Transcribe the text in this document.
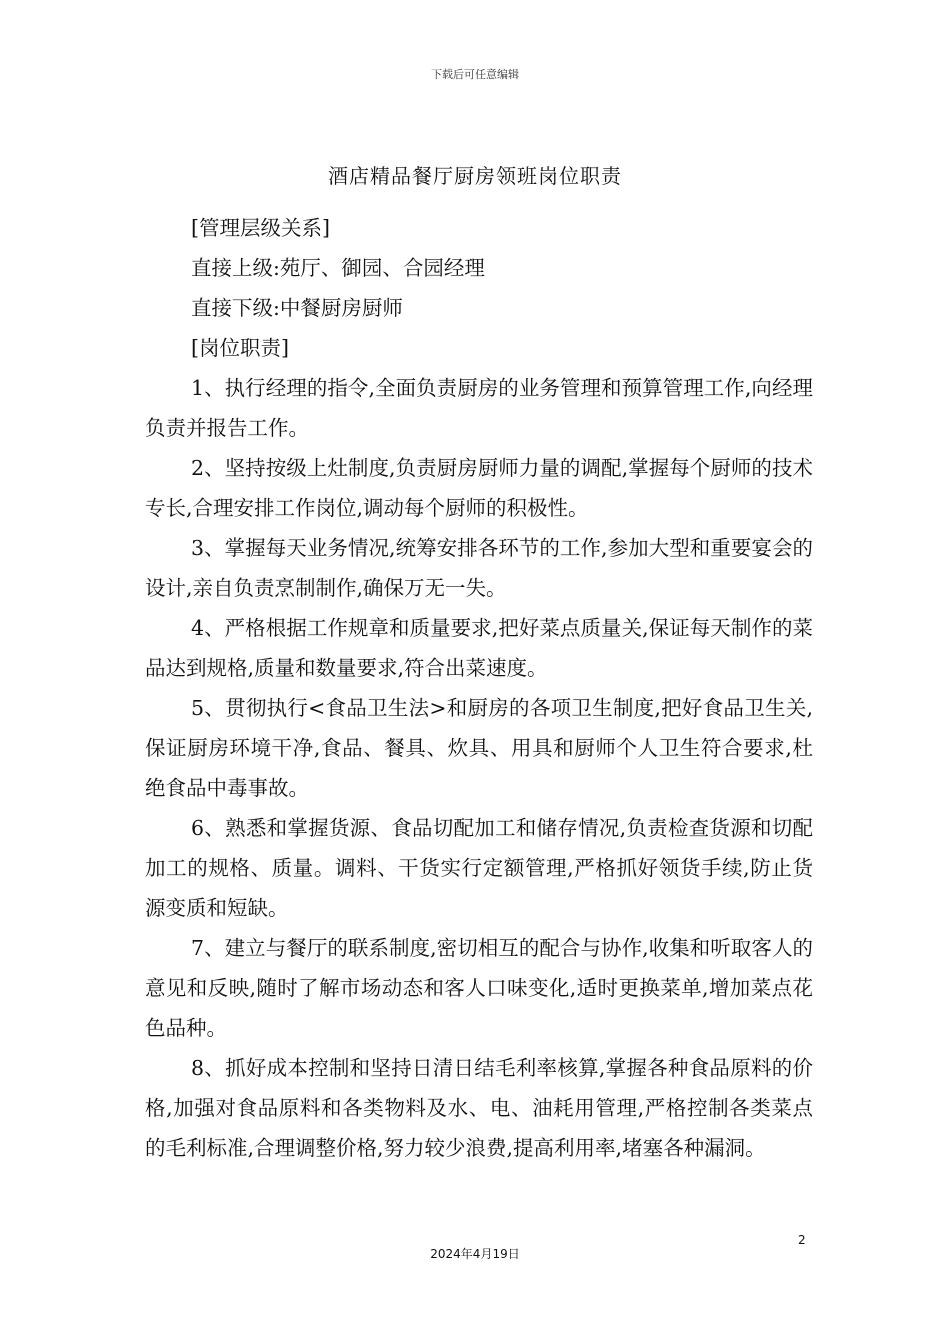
下载后可任意编辑
酒店精品餐厅厨房领班岗位职责

[管理层级关系]

直接上级:苑厅、御园、合园经理

直接下级:中餐厨房厨师

[岗位职责]

1、执行经理的指令,全面负责厨房的业务管理和预算管理工作,向经理负责并报告工作。

2、坚持按级上灶制度,负责厨房厨师力量的调配,掌握每个厨师的技术专长,合理安排工作岗位,调动每个厨师的积极性。

3、掌握每天业务情况,统筹安排各环节的工作,参加大型和重要宴会的设计,亲自负责烹制制作,确保万无一失。

4、严格根据工作规章和质量要求,把好菜点质量关,保证每天制作的菜品达到规格,质量和数量要求,符合出菜速度。

5、贯彻执行<食品卫生法>和厨房的各项卫生制度,把好食品卫生关,保证厨房环境干净,食品、餐具、炊具、用具和厨师个人卫生符合要求,杜绝食品中毒事故。

6、熟悉和掌握货源、食品切配加工和储存情况,负责检查货源和切配加工的规格、质量。调料、干货实行定额管理,严格抓好领货手续,防止货源变质和短缺。

7、建立与餐厅的联系制度,密切相互的配合与协作,收集和听取客人的意见和反映,随时了解市场动态和客人口味变化,适时更换菜单,增加菜点花色品种。

8、抓好成本控制和坚持日清日结毛利率核算,掌握各种食品原料的价格,加强对食品原料和各类物料及水、电、油耗用管理,严格控制各类菜点的毛利标准,合理调整价格,努力较少浪费,提高利用率,堵塞各种漏洞。

2
2024年4月19日
